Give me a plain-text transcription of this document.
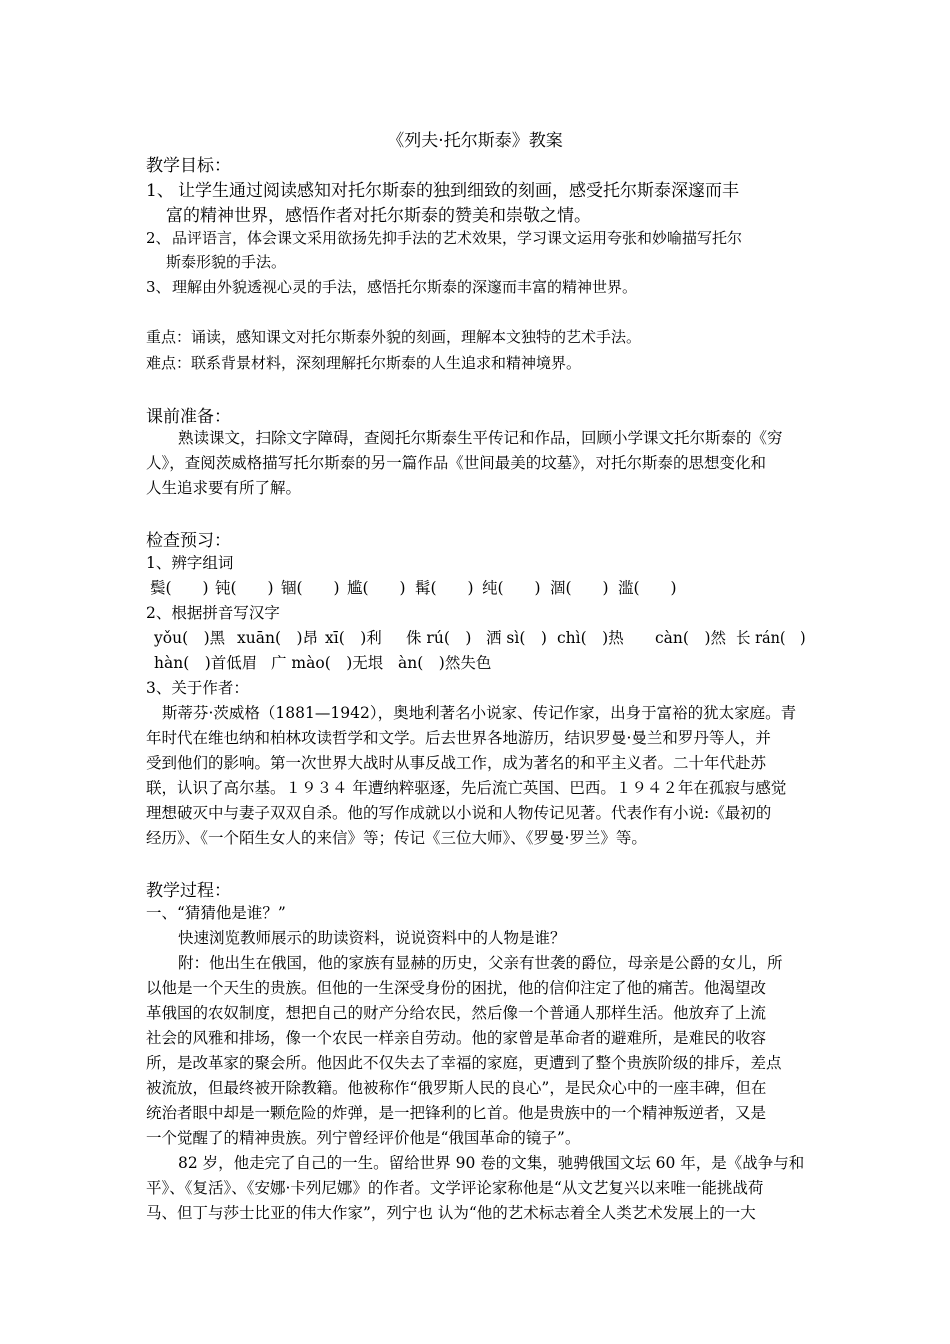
《列夫·托尔斯泰》教案
教学目标：
1、 让学生通过阅读感知对托尔斯泰的独到细致的刻画，感受托尔斯泰深邃而丰
富的精神世界，感悟作者对托尔斯泰的赞美和崇敬之情。
2、 品评语言，体会课文采用欲扬先抑手法的艺术效果，学习课文运用夸张和妙喻描写托尔
斯泰形貌的手法。
3、 理解由外貌透视心灵的手法，感悟托尔斯泰的深邃而丰富的精神世界。
重点：诵读，感知课文对托尔斯泰外貌的刻画，理解本文独特的艺术手法。
难点：联系背景材料，深刻理解托尔斯泰的人生追求和精神境界。
课前准备：
熟读课文，扫除文字障碍，查阅托尔斯泰生平传记和作品，回顾小学课文托尔斯泰的《穷
人》，查阅茨威格描写托尔斯泰的另一篇作品《世间最美的坟墓》，对托尔斯泰的思想变化和
人生追求要有所了解。
检查预习：
1、辨字组词
鬓(　　) 钝(　　) 锢(　　) 尴(　　) 髯(　　) 纯(　　) 涸(　　) 滥(　　)
2、根据拼音写汉字
yǒu(　)黑 xuān(　)昂 xī(　)利 侏 rú(　) 洒 sì(　) chì(　)热 càn(　)然 长 rán(　)
hàn(　)首低眉 广 mào(　)无垠 àn(　)然失色
3、关于作者：
斯蒂芬·茨威格（1881—1942），奥地利著名小说家、传记作家，出身于富裕的犹太家庭。青
年时代在维也纳和柏林攻读哲学和文学。后去世界各地游历，结识罗曼·曼兰和罗丹等人，并
受到他们的影响。第一次世界大战时从事反战工作，成为著名的和平主义者。二十年代赴苏
联，认识了高尔基。１９３４ 年遭纳粹驱逐，先后流亡英国、巴西。１９４２年在孤寂与感觉
理想破灭中与妻子双双自杀。他的写作成就以小说和人物传记见著。代表作有小说:《最初的
经历》、《一个陌生女人的来信》等；传记《三位大师》、《罗曼·罗兰》等。
教学过程：
一、“猜猜他是谁？”
快速浏览教师展示的助读资料，说说资料中的人物是谁？
附：他出生在俄国，他的家族有显赫的历史，父亲有世袭的爵位，母亲是公爵的女儿，所
以他是一个天生的贵族。但他的一生深受身份的困扰，他的信仰注定了他的痛苦。他渴望改
革俄国的农奴制度，想把自己的财产分给农民，然后像一个普通人那样生活。他放弃了上流
社会的风雅和排场，像一个农民一样亲自劳动。他的家曾是革命者的避难所，是难民的收容
所，是改革家的聚会所。他因此不仅失去了幸福的家庭，更遭到了整个贵族阶级的排斥，差点
被流放，但最终被开除教籍。他被称作“俄罗斯人民的良心”，是民众心中的一座丰碑，但在
统治者眼中却是一颗危险的炸弹，是一把锋利的匕首。他是贵族中的一个精神叛逆者，又是
一个觉醒了的精神贵族。列宁曾经评价他是“俄国革命的镜子”。
82 岁，他走完了自己的一生。留给世界 90 卷的文集，驰骋俄国文坛 60 年，是《战争与和
平》、《复活》、《安娜·卡列尼娜》的作者。文学评论家称他是“从文艺复兴以来唯一能挑战荷
马、但丁与莎士比亚的伟大作家”，列宁也 认为“他的艺术标志着全人类艺术发展上的一大
